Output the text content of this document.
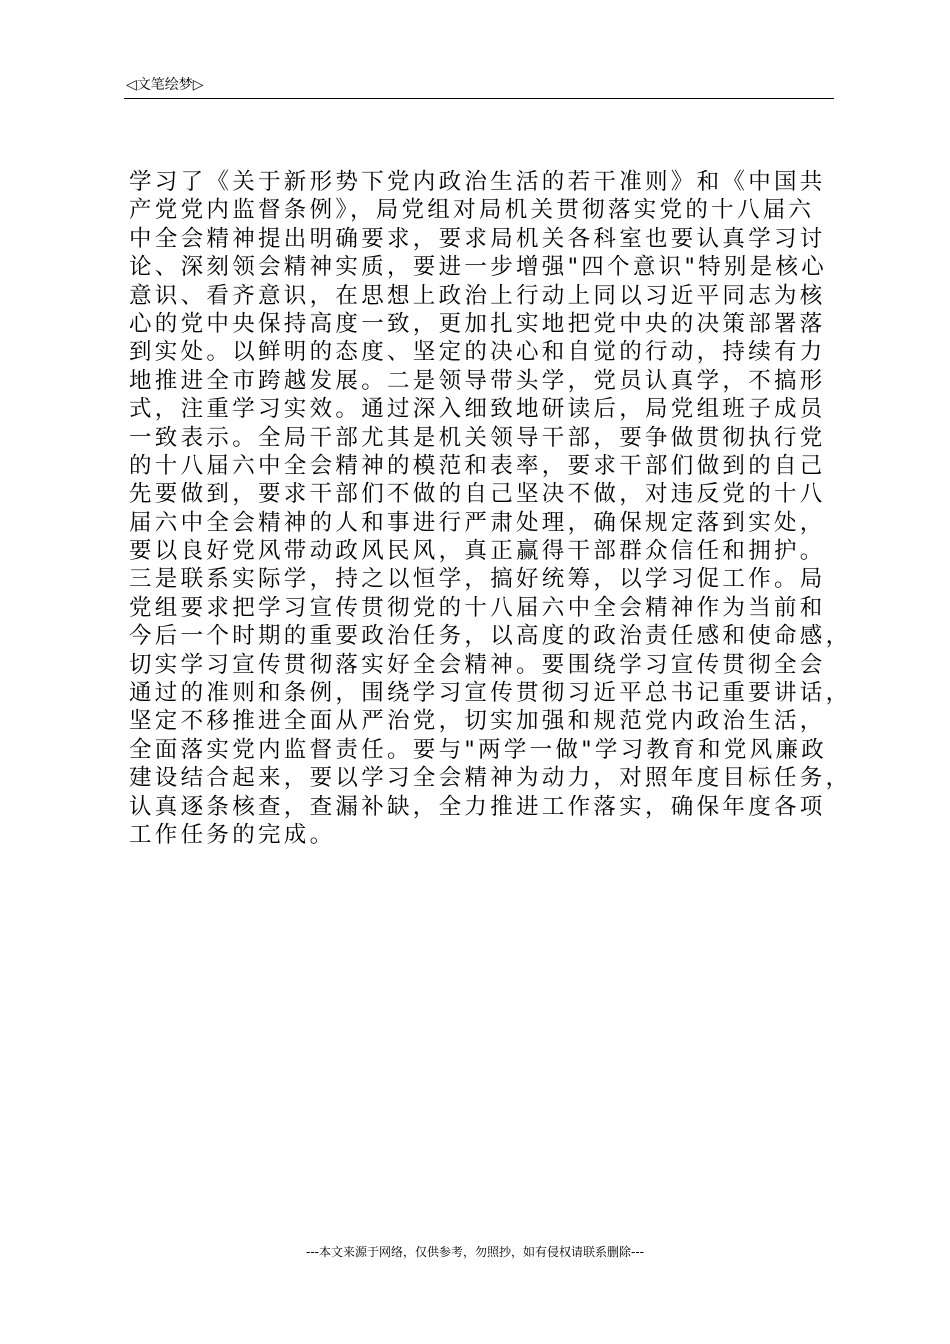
◁文笔绘梦▷
学习了《关于新形势下党内政治生活的若干准则》和《中国共
产党党内监督条例》，局党组对局机关贯彻落实党的十八届六
中全会精神提出明确要求，要求局机关各科室也要认真学习讨
论、深刻领会精神实质，要进一步增强"四个意识"特别是核心
意识、看齐意识，在思想上政治上行动上同以习近平同志为核
心的党中央保持高度一致，更加扎实地把党中央的决策部署落
到实处。以鲜明的态度、坚定的决心和自觉的行动，持续有力
地推进全市跨越发展。二是领导带头学，党员认真学，不搞形
式，注重学习实效。通过深入细致地研读后，局党组班子成员
一致表示。全局干部尤其是机关领导干部，要争做贯彻执行党
的十八届六中全会精神的模范和表率，要求干部们做到的自己
先要做到，要求干部们不做的自己坚决不做，对违反党的十八
届六中全会精神的人和事进行严肃处理，确保规定落到实处，
要以良好党风带动政风民风，真正赢得干部群众信任和拥护。
三是联系实际学，持之以恒学，搞好统筹，以学习促工作。局
党组要求把学习宣传贯彻党的十八届六中全会精神作为当前和
今后一个时期的重要政治任务，以高度的政治责任感和使命感，
切实学习宣传贯彻落实好全会精神。要围绕学习宣传贯彻全会
通过的准则和条例，围绕学习宣传贯彻习近平总书记重要讲话，
坚定不移推进全面从严治党，切实加强和规范党内政治生活，
全面落实党内监督责任。要与"两学一做"学习教育和党风廉政
建设结合起来，要以学习全会精神为动力，对照年度目标任务，
认真逐条核查，查漏补缺，全力推进工作落实，确保年度各项
工作任务的完成。
---本文来源于网络，仅供参考，勿照抄，如有侵权请联系删除---
